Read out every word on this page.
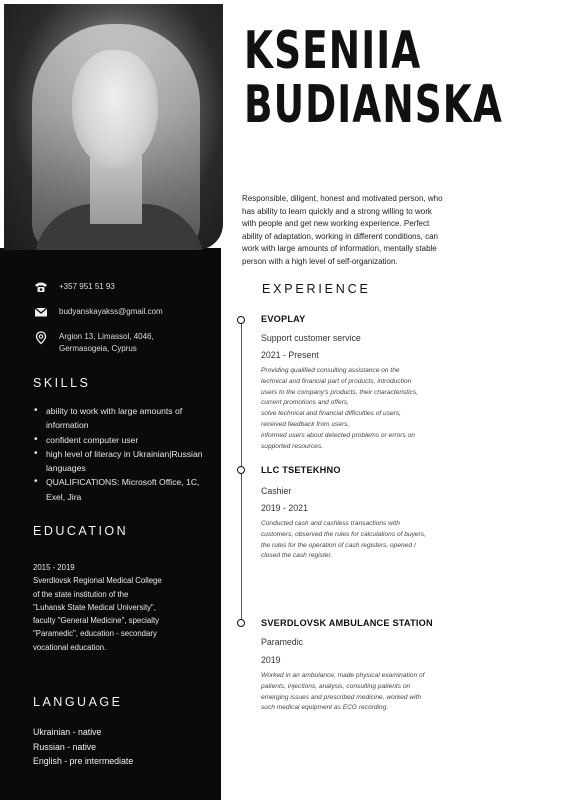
+357 951 51 93
budyanskayakss@gmail.com
Argion 13, Limassol, 4046,
Germasogeia, Cyprus
SKILLS
• ability to work with large amounts of information
• confident computer user
• high level of literacy in Ukrainian|Russian languages
• QUALIFICATIONS: Microsoft Office, 1C, Exel, Jira
EDUCATION
2015 - 2019
Sverdlovsk Regional Medical College
of the state institution of the
"Luhansk State Medical University",
faculty "General Medicine", specialty
"Paramedic", education - secondary
vocational education.
LANGUAGE
Ukrainian - native
Russian - native
English - pre intermediate
KSENIIA
BUDIANSKA
Responsible, diligent, honest and motivated person, who has ability to learn quickly and a strong willing to work with people and get new working experience. Perfect ability of adaptation, working in different conditions, can work with large amounts of information, mentally stable person with a high level of self-organization.
EXPERIENCE
EVOPLAY
Support customer service
2021 - Present
Providing qualified consulting assistance on the
technical and financial part of products, introduction
users to the company's products, their characteristics,
current promotions and offers,
solve technical and financial difficulties of users,
received feedback from users,
informed users about detected problems or errors on
supported resources.
LLC TSETEKHNO
Cashier
2019 - 2021
Conducted cash and cashless transactions with
customers, observed the rules for calculations of buyers,
the rules for the operation of cash registers, opened /
closed the cash register.
SVERDLOVSK AMBULANCE STATION
Paramedic
2019
Worked in an ambulance, made physical examination of
patients, injections, analysis, consulting patients on
emerging issues and prescribed medicine, worked with
such medical equipment as ECG recording.
